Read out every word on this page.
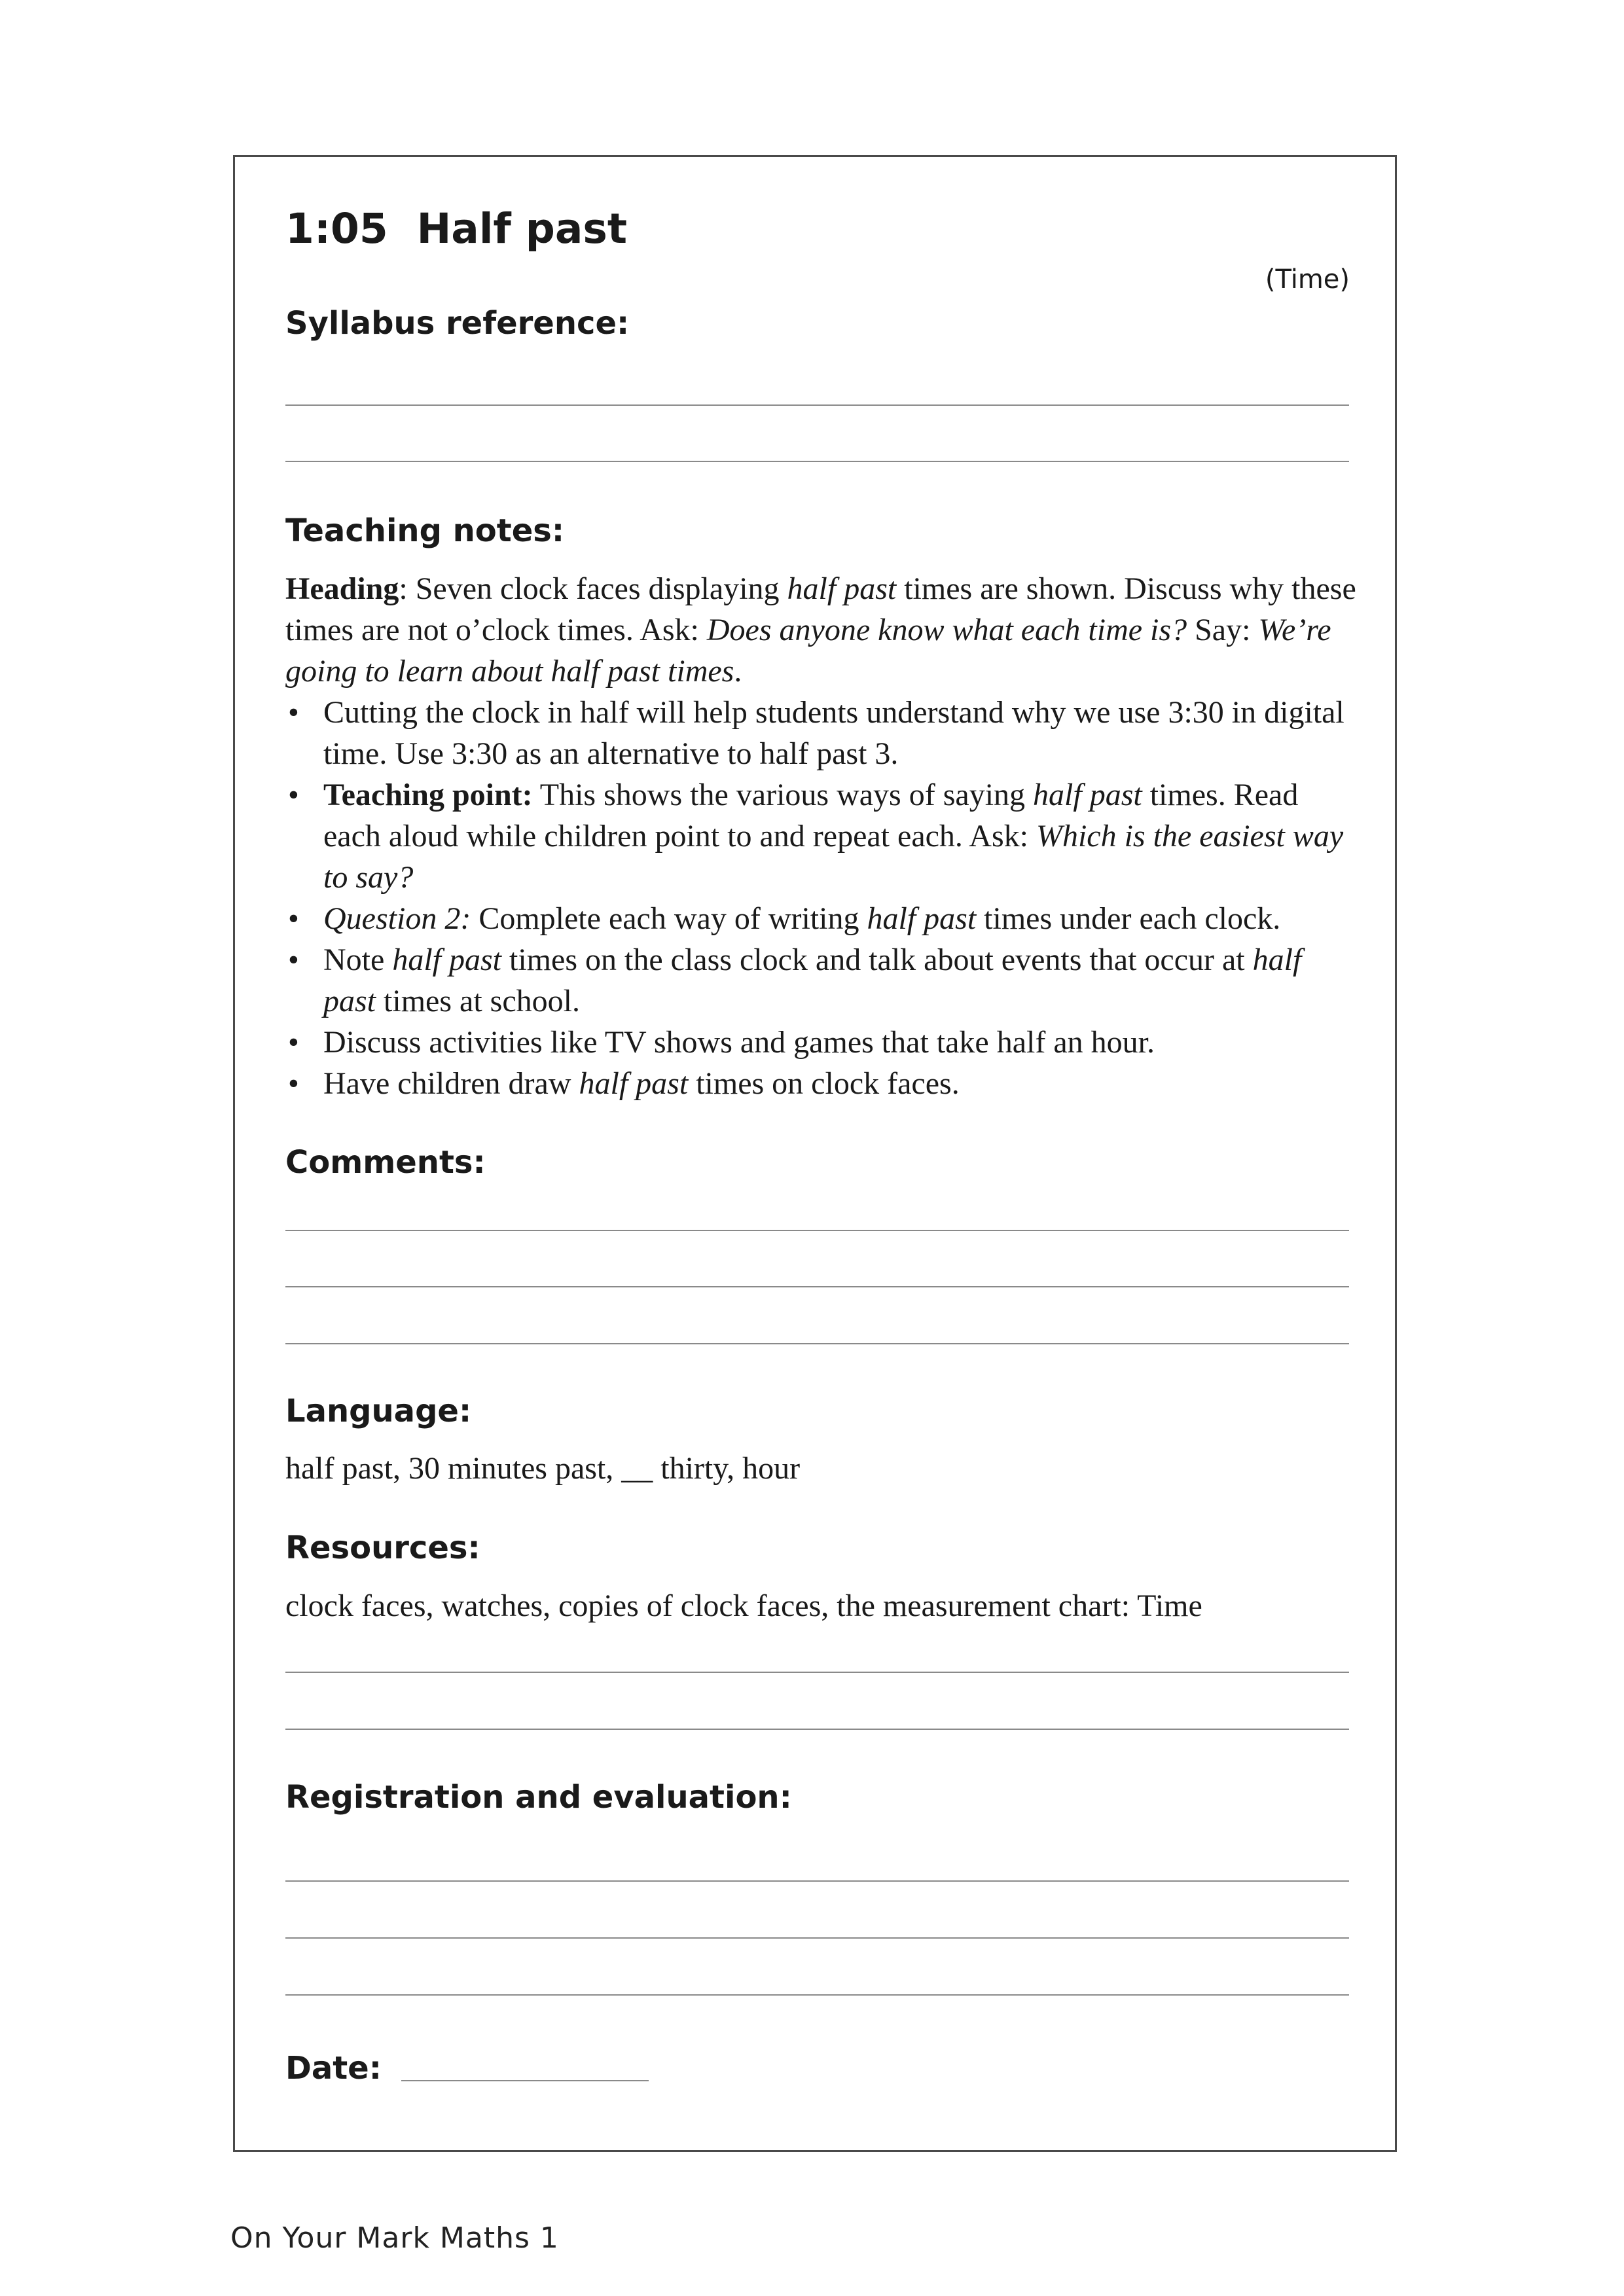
1:05 Half past

(Time)

Syllabus reference:
Teaching notes:

Heading: Seven clock faces displaying half past times are shown. Discuss why these times are not o’clock times. Ask: Does anyone know what each time is? Say: We’re going to learn about half past times.

• Cutting the clock in half will help students understand why we use 3:30 in digital time. Use 3:30 as an alternative to half past 3.
• Teaching point: This shows the various ways of saying half past times. Read each aloud while children point to and repeat each. Ask: Which is the easiest way to say?
• Question 2: Complete each way of writing half past times under each clock.
• Note half past times on the class clock and talk about events that occur at half past times at school.
• Discuss activities like TV shows and games that take half an hour.
• Have children draw half past times on clock faces.
Comments:
Language:

half past, 30 minutes past, __ thirty, hour

Resources:

clock faces, watches, copies of clock faces, the measurement chart: Time

Registration and evaluation:

Date:

On Your Mark Maths 1
